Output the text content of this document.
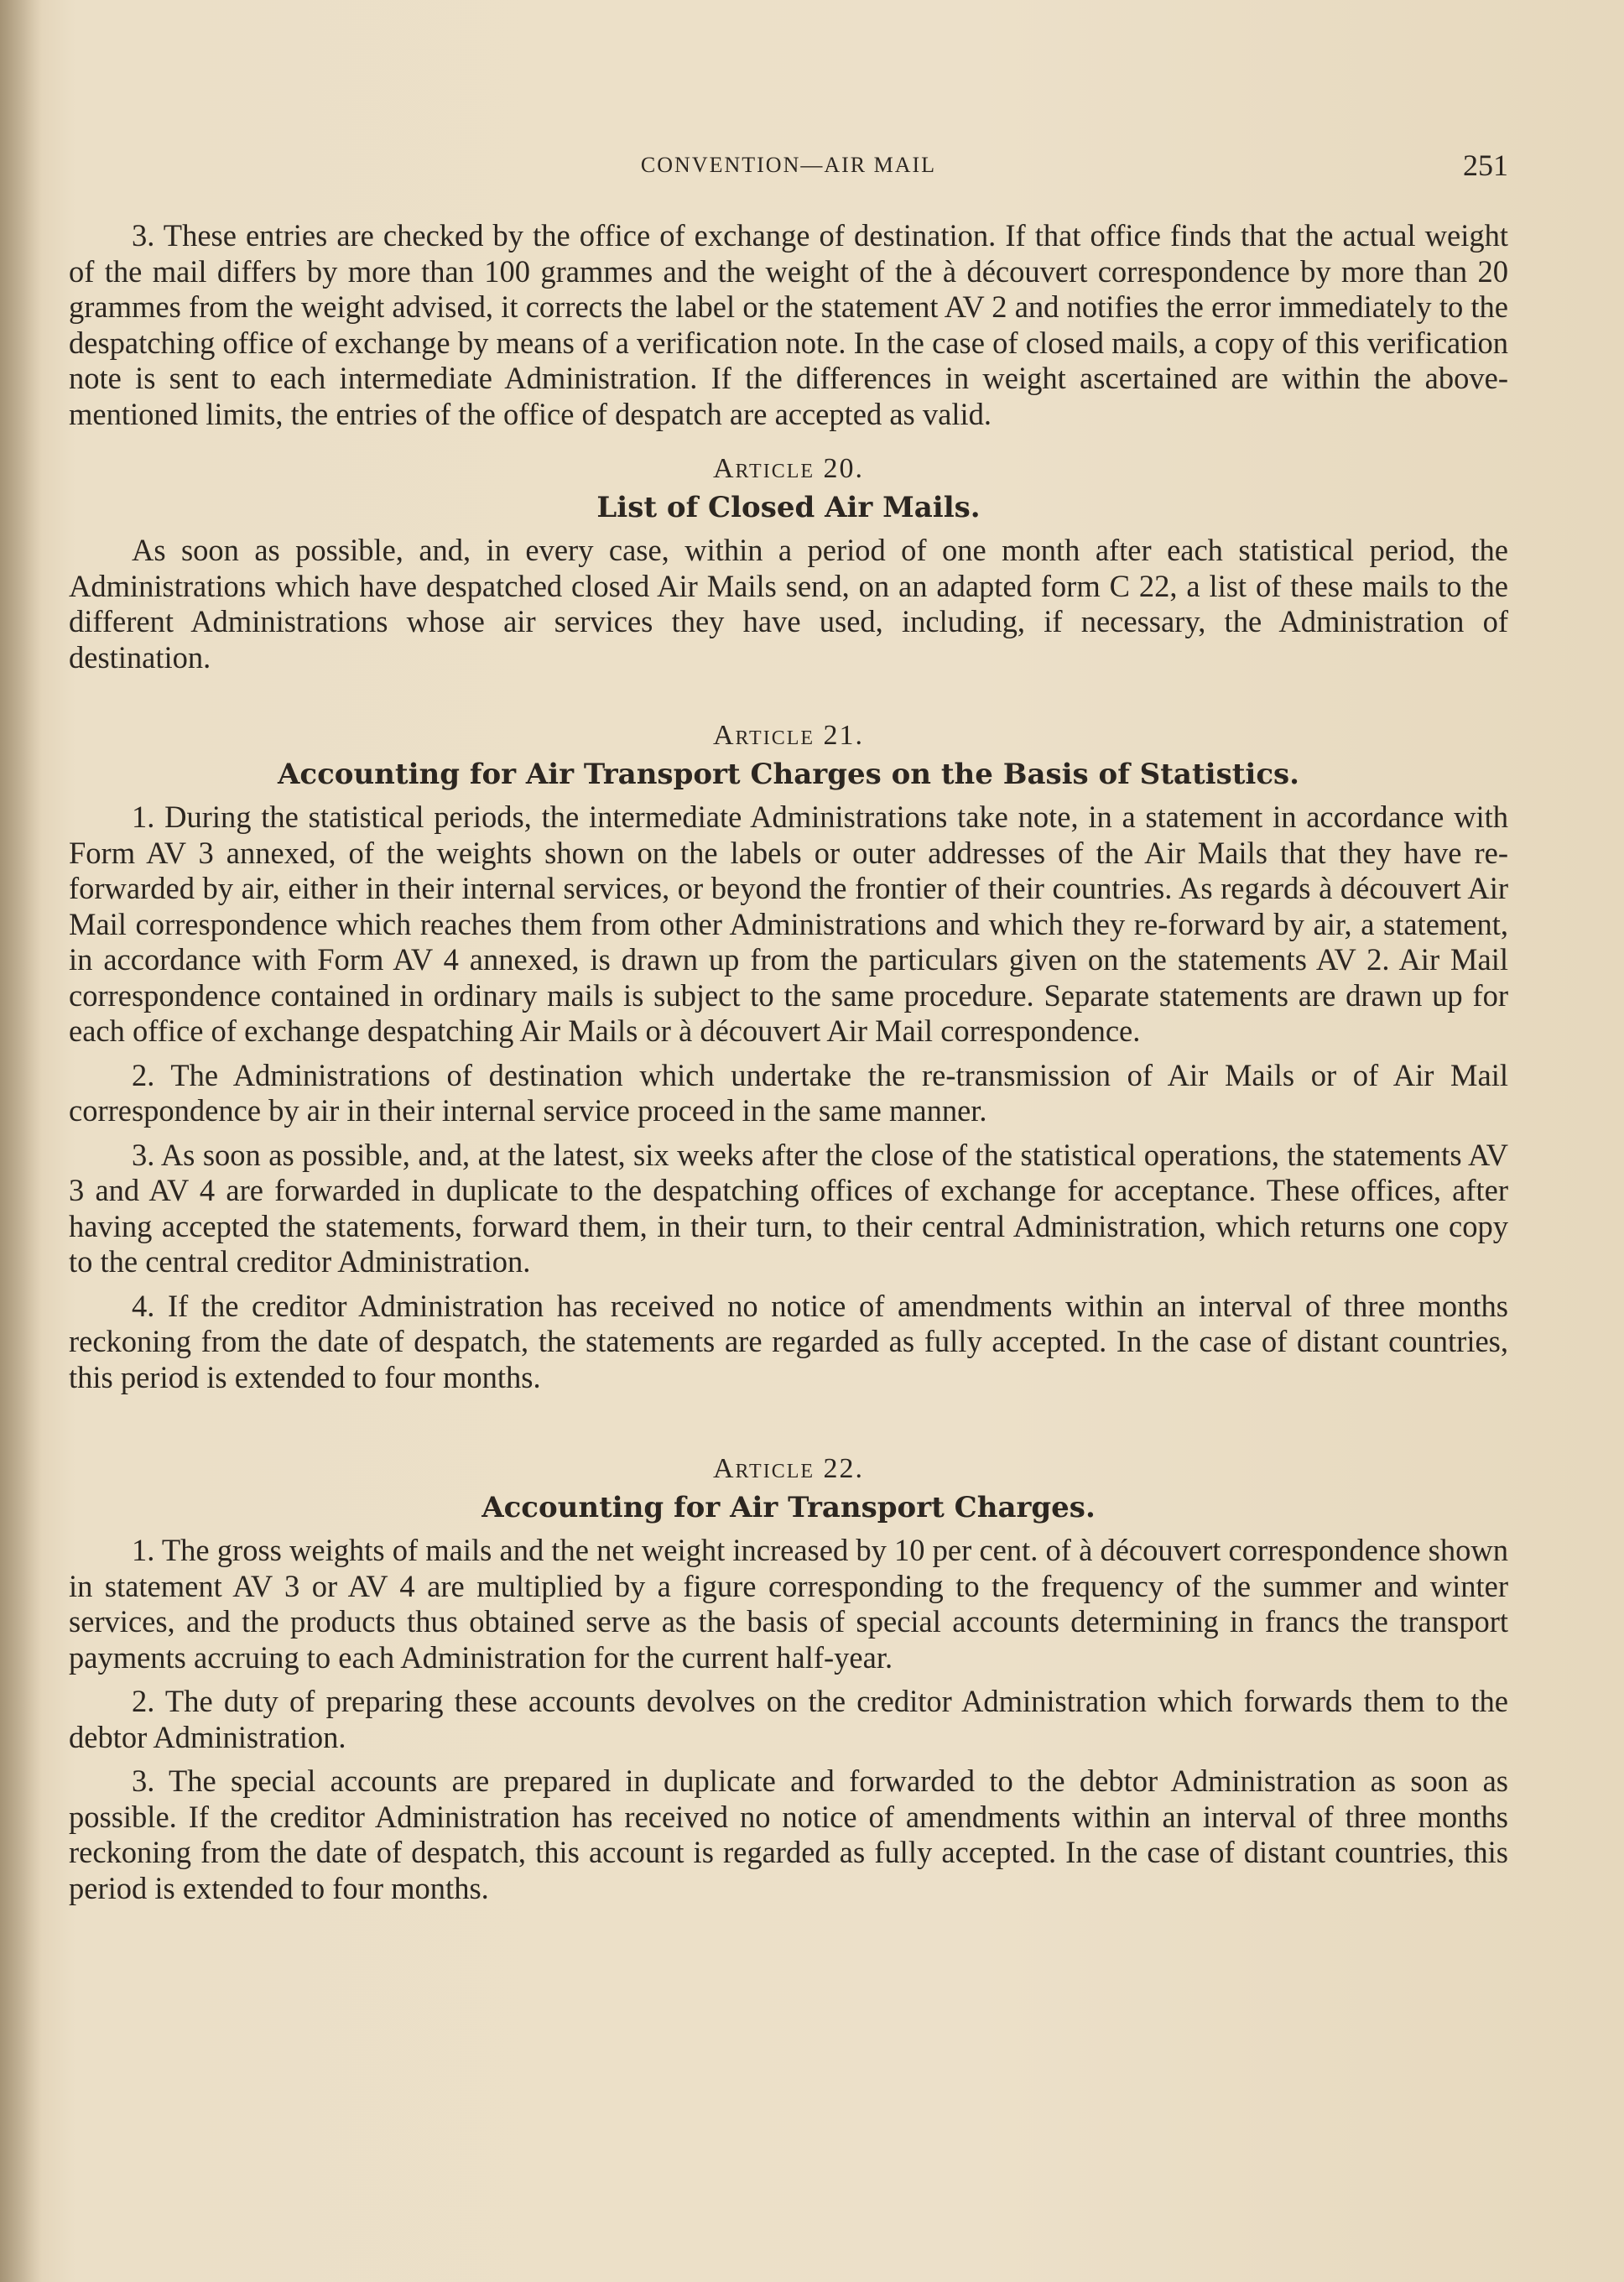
CONVENTION—AIR MAIL	251

3. These entries are checked by the office of exchange of destination. If that office finds that the actual weight of the mail differs by more than 100 grammes and the weight of the à découvert correspondence by more than 20 grammes from the weight advised, it corrects the label or the statement AV 2 and notifies the error immediately to the despatching office of exchange by means of a verification note. In the case of closed mails, a copy of this verification note is sent to each intermediate Administration. If the differences in weight ascertained are within the above-mentioned limits, the entries of the office of despatch are accepted as valid.

Article 20.
List of Closed Air Mails.

As soon as possible, and, in every case, within a period of one month after each statistical period, the Administrations which have despatched closed Air Mails send, on an adapted form C 22, a list of these mails to the different Administrations whose air services they have used, including, if necessary, the Administration of destination.

Article 21.
Accounting for Air Transport Charges on the Basis of Statistics.

1. During the statistical periods, the intermediate Administrations take note, in a statement in accordance with Form AV 3 annexed, of the weights shown on the labels or outer addresses of the Air Mails that they have re-forwarded by air, either in their internal services, or beyond the frontier of their countries. As regards à découvert Air Mail correspondence which reaches them from other Administrations and which they re-forward by air, a statement, in accordance with Form AV 4 annexed, is drawn up from the particulars given on the statements AV 2. Air Mail correspondence contained in ordinary mails is subject to the same procedure. Separate statements are drawn up for each office of exchange despatching Air Mails or à découvert Air Mail correspondence.

2. The Administrations of destination which undertake the re-transmission of Air Mails or of Air Mail correspondence by air in their internal service proceed in the same manner.

3. As soon as possible, and, at the latest, six weeks after the close of the statistical operations, the statements AV 3 and AV 4 are forwarded in duplicate to the despatching offices of exchange for acceptance. These offices, after having accepted the statements, forward them, in their turn, to their central Administration, which returns one copy to the central creditor Administration.

4. If the creditor Administration has received no notice of amendments within an interval of three months reckoning from the date of despatch, the statements are regarded as fully accepted. In the case of distant countries, this period is extended to four months.

Article 22.
Accounting for Air Transport Charges.

1. The gross weights of mails and the net weight increased by 10 per cent. of à découvert correspondence shown in statement AV 3 or AV 4 are multiplied by a figure corresponding to the frequency of the summer and winter services, and the products thus obtained serve as the basis of special accounts determining in francs the transport payments accruing to each Administration for the current half-year.

2. The duty of preparing these accounts devolves on the creditor Administration which forwards them to the debtor Administration.

3. The special accounts are prepared in duplicate and forwarded to the debtor Administration as soon as possible. If the creditor Administration has received no notice of amendments within an interval of three months reckoning from the date of despatch, this account is regarded as fully accepted. In the case of distant countries, this period is extended to four months.
